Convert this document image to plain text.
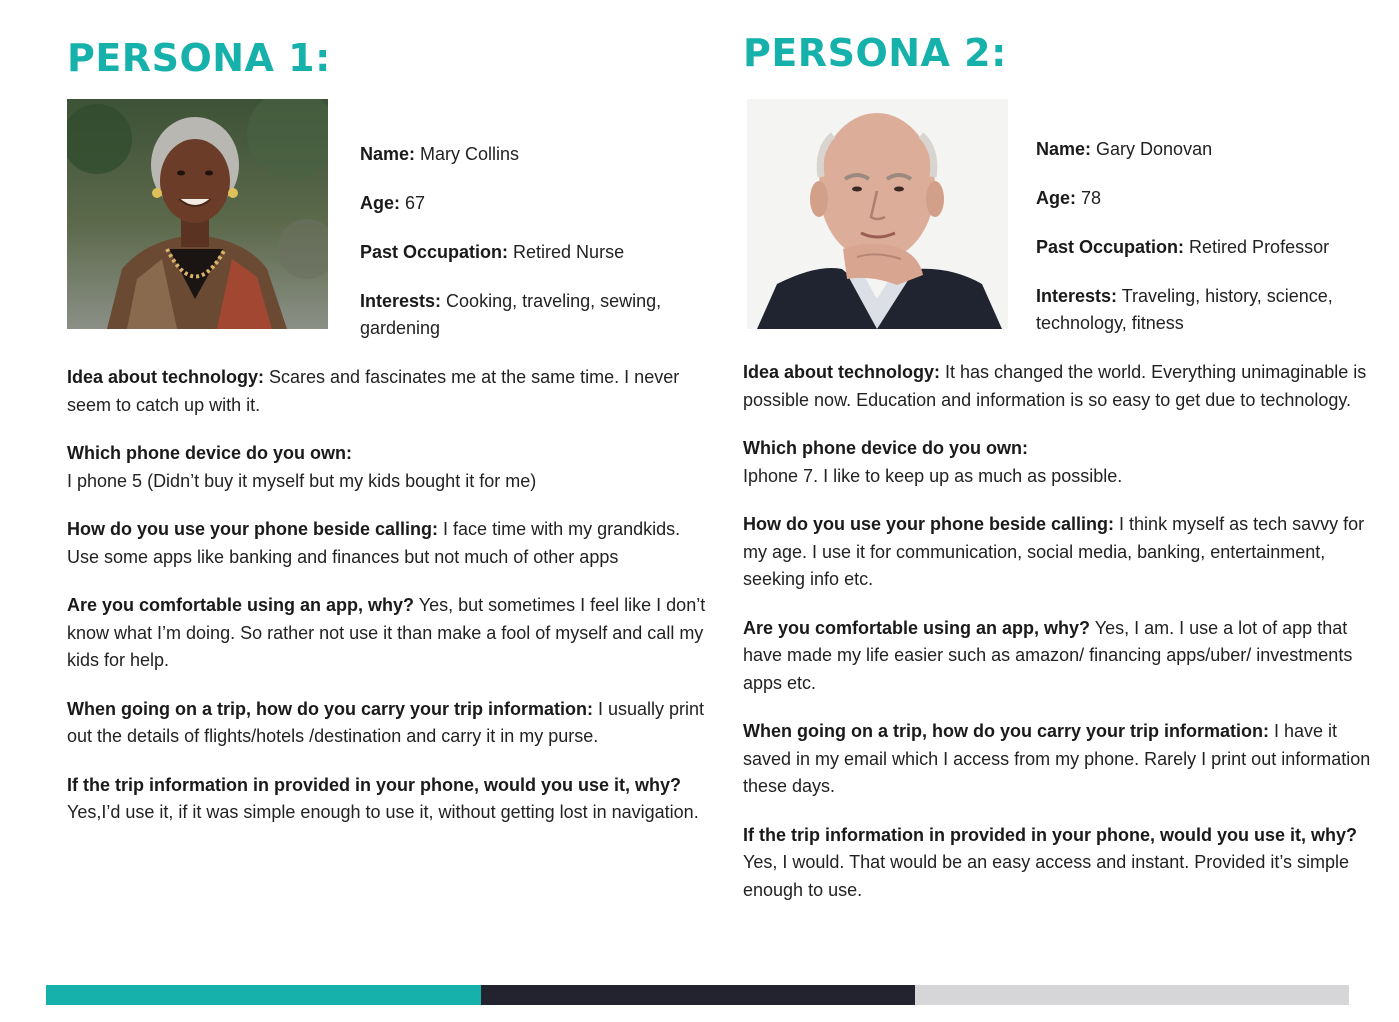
PERSONA 1:

Name: Mary Collins

Age: 67

Past Occupation: Retired Nurse

Interests: Cooking, traveling, sewing, gardening

Idea about technology: Scares and fascinates me at the same time. I never seem to catch up with it.

Which phone device do you own:
I phone 5 (Didn’t buy it myself but my kids bought it for me)

How do you use your phone beside calling: I face time with my grandkids. Use some apps like banking and finances but not much of other apps

Are you comfortable using an app, why? Yes, but sometimes I feel like I don’t know what I’m doing. So rather not use it than make a fool of myself and call my kids for help.

When going on a trip, how do you carry your trip information: I usually print out the details of flights/hotels /destination and carry it in my purse.

If the trip information in provided in your phone, would you use it, why?
Yes,I’d use it, if it was simple enough to use it, without getting lost in navigation.

PERSONA 2:

Name: Gary Donovan

Age: 78

Past Occupation: Retired Professor

Interests: Traveling, history, science, technology, fitness

Idea about technology: It has changed the world. Everything unimaginable is possible now. Education and information is so easy to get due to technology.

Which phone device do you own:
Iphone 7. I like to keep up as much as possible.

How do you use your phone beside calling: I think myself as tech savvy for my age. I use it for communication, social media, banking, entertainment, seeking info etc.

Are you comfortable using an app, why? Yes, I am. I use a lot of app that have made my life easier such as amazon/ financing apps/uber/ investments apps etc.

When going on a trip, how do you carry your trip information: I have it saved in my email which I access from my phone. Rarely I print out information these days.

If the trip information in provided in your phone, would you use it, why?
Yes, I would. That would be an easy access and instant. Provided it’s simple enough to use.
